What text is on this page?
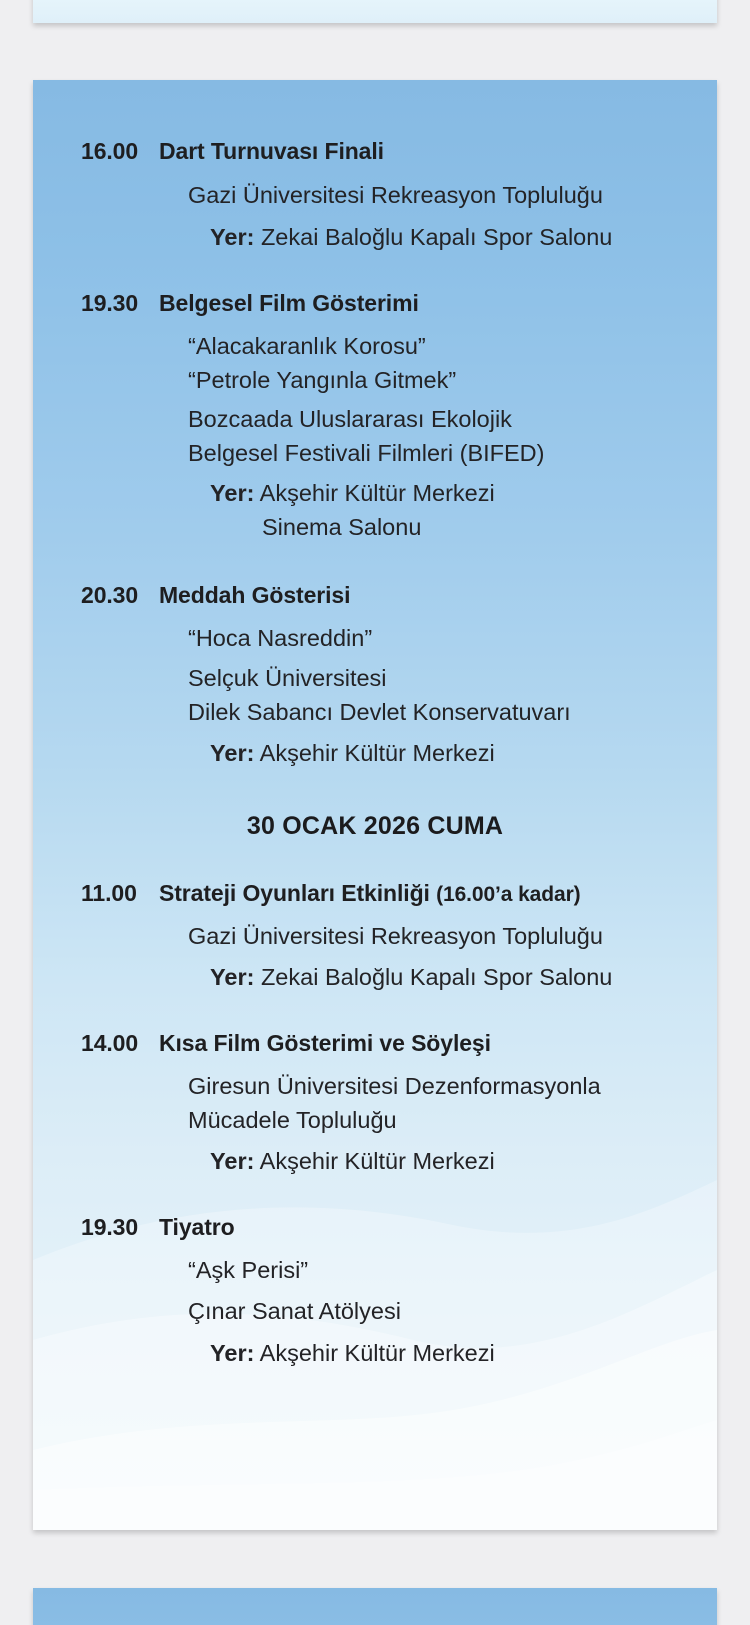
16.00 Dart Turnuvası Finali
Gazi Üniversitesi Rekreasyon Topluluğu
Yer: Zekai Baloğlu Kapalı Spor Salonu
19.30 Belgesel Film Gösterimi
“Alacakaranlık Korosu”
“Petrole Yangınla Gitmek”
Bozcaada Uluslararası Ekolojik
Belgesel Festivali Filmleri (BIFED)
Yer: Akşehir Kültür Merkezi
Sinema Salonu
20.30 Meddah Gösterisi
“Hoca Nasreddin”
Selçuk Üniversitesi
Dilek Sabancı Devlet Konservatuvarı
Yer: Akşehir Kültür Merkezi
30 OCAK 2026 CUMA
11.00 Strateji Oyunları Etkinliği (16.00’a kadar)
Gazi Üniversitesi Rekreasyon Topluluğu
Yer: Zekai Baloğlu Kapalı Spor Salonu
14.00 Kısa Film Gösterimi ve Söyleşi
Giresun Üniversitesi Dezenformasyonla
Mücadele Topluluğu
Yer: Akşehir Kültür Merkezi
19.30 Tiyatro
“Aşk Perisi”
Çınar Sanat Atölyesi
Yer: Akşehir Kültür Merkezi
